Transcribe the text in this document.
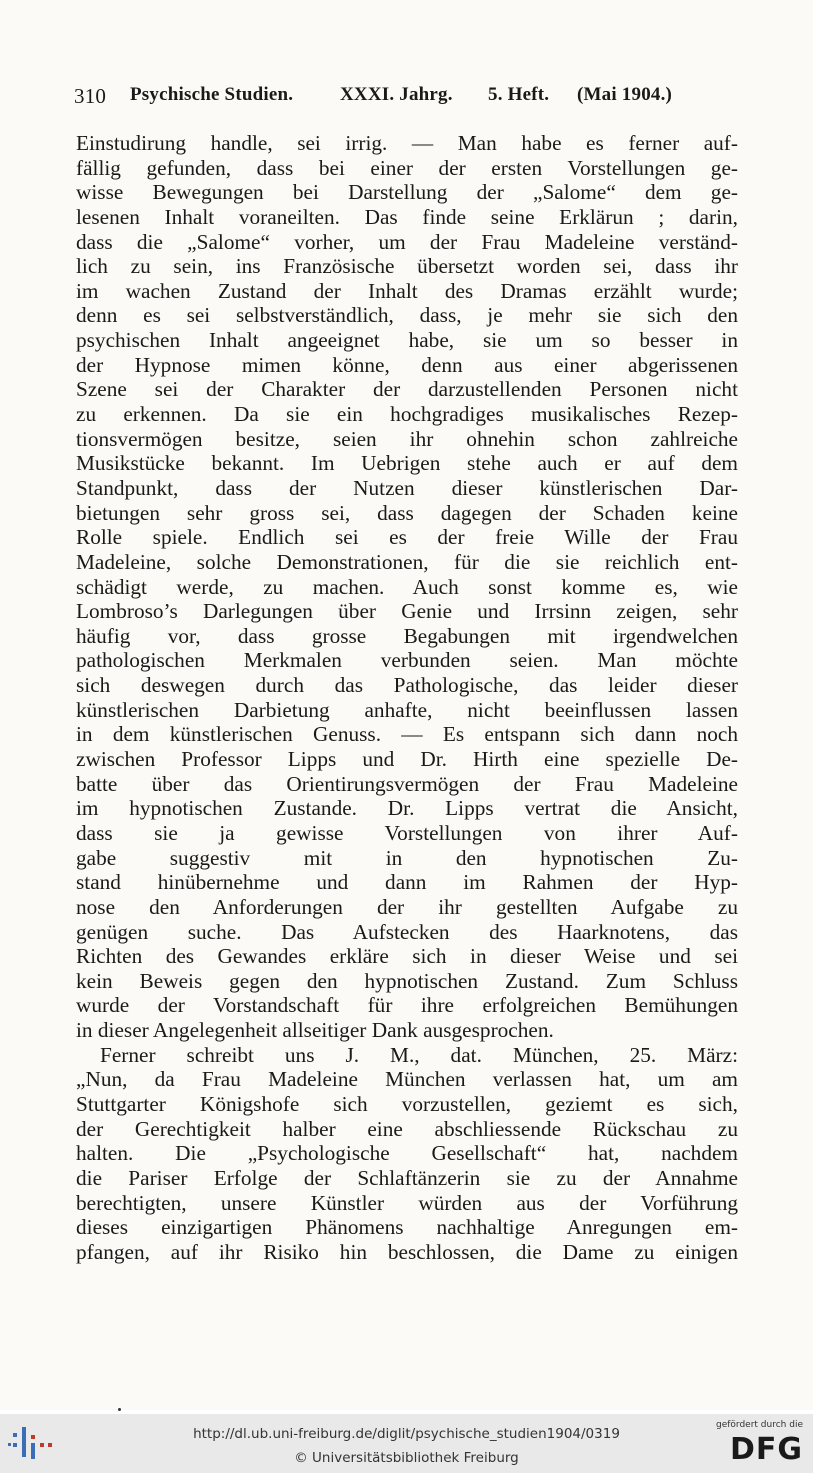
310 Psychische Studien. XXXI. Jahrg. 5. Heft. (Mai 1904.)
Einstudirung handle, sei irrig. — Man habe es ferner auf-
fällig gefunden, dass bei einer der ersten Vorstellungen ge-
wisse Bewegungen bei Darstellung der „Salome“ dem ge-
lesenen Inhalt voraneilten. Das finde seine Erklärun ; darin,
dass die „Salome“ vorher, um der Frau Madeleine verständ-
lich zu sein, ins Französische übersetzt worden sei, dass ihr
im wachen Zustand der Inhalt des Dramas erzählt wurde;
denn es sei selbstverständlich, dass, je mehr sie sich den
psychischen Inhalt angeeignet habe, sie um so besser in
der Hypnose mimen könne, denn aus einer abgerissenen
Szene sei der Charakter der darzustellenden Personen nicht
zu erkennen. Da sie ein hochgradiges musikalisches Rezep-
tionsvermögen besitze, seien ihr ohnehin schon zahlreiche
Musikstücke bekannt. Im Uebrigen stehe auch er auf dem
Standpunkt, dass der Nutzen dieser künstlerischen Dar-
bietungen sehr gross sei, dass dagegen der Schaden keine
Rolle spiele. Endlich sei es der freie Wille der Frau
Madeleine, solche Demonstrationen, für die sie reichlich ent-
schädigt werde, zu machen. Auch sonst komme es, wie
Lombroso’s Darlegungen über Genie und Irrsinn zeigen, sehr
häufig vor, dass grosse Begabungen mit irgendwelchen
pathologischen Merkmalen verbunden seien. Man möchte
sich deswegen durch das Pathologische, das leider dieser
künstlerischen Darbietung anhafte, nicht beeinflussen lassen
in dem künstlerischen Genuss. — Es entspann sich dann noch
zwischen Professor Lipps und Dr. Hirth eine spezielle De-
batte über das Orientirungsvermögen der Frau Madeleine
im hypnotischen Zustande. Dr. Lipps vertrat die Ansicht,
dass sie ja gewisse Vorstellungen von ihrer Auf-
gabe suggestiv mit in den hypnotischen Zu-
stand hinübernehme und dann im Rahmen der Hyp-
nose den Anforderungen der ihr gestellten Aufgabe zu
genügen suche. Das Aufstecken des Haarknotens, das
Richten des Gewandes erkläre sich in dieser Weise und sei
kein Beweis gegen den hypnotischen Zustand. Zum Schluss
wurde der Vorstandschaft für ihre erfolgreichen Bemühungen
in dieser Angelegenheit allseitiger Dank ausgesprochen.
Ferner schreibt uns J. M., dat. München, 25. März:
„Nun, da Frau Madeleine München verlassen hat, um am
Stuttgarter Königshofe sich vorzustellen, geziemt es sich,
der Gerechtigkeit halber eine abschliessende Rückschau zu
halten. Die „Psychologische Gesellschaft“ hat, nachdem
die Pariser Erfolge der Schlaftänzerin sie zu der Annahme
berechtigten, unsere Künstler würden aus der Vorführung
dieses einzigartigen Phänomens nachhaltige Anregungen em-
pfangen, auf ihr Risiko hin beschlossen, die Dame zu einigen
http://dl.ub.uni-freiburg.de/diglit/psychische_studien1904/0319
© Universitätsbibliothek Freiburg
gefördert durch die
DFG
